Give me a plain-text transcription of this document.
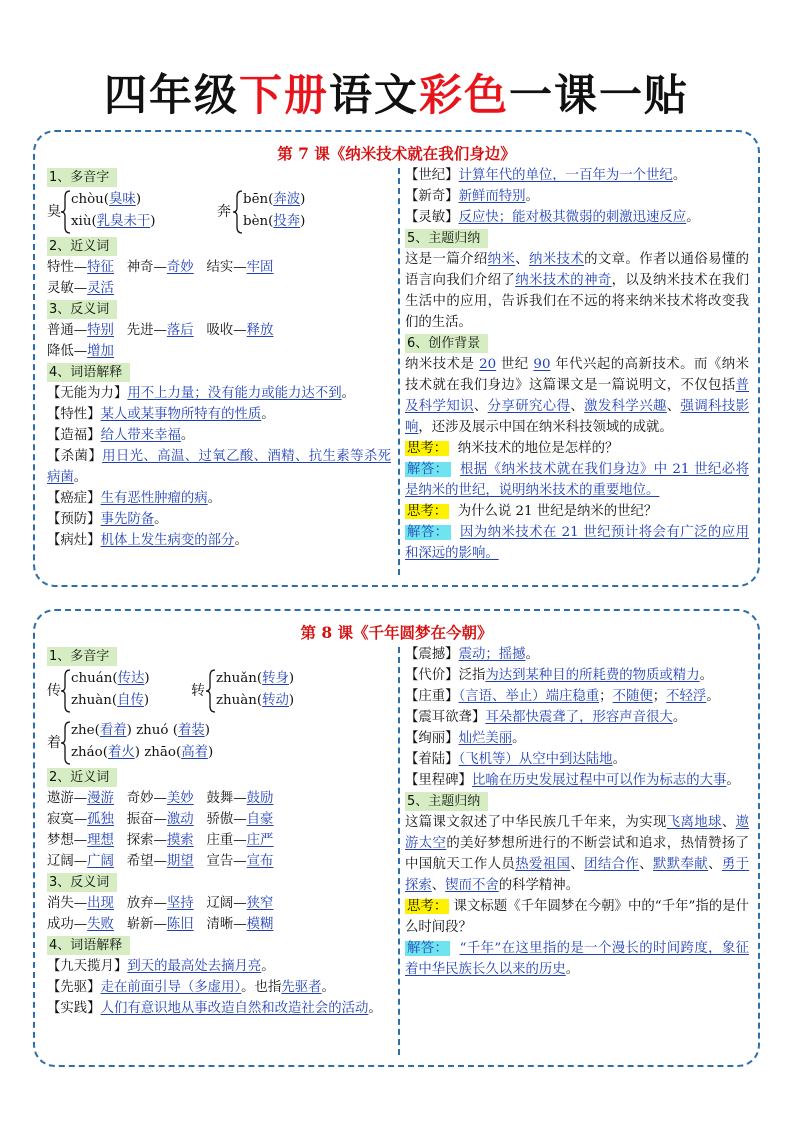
四年级下册语文彩色一课一贴
第 7 课《纳米技术就在我们身边》
1、多音字
臭
chòu(臭味)
xiù(乳臭未干)
奔
bēn(奔波)
bèn(投奔)
2、近义词
特性—特征 神奇—奇妙 结实—牢固
灵敏—灵活
3、反义词
普通—特别 先进—落后 吸收—释放
降低—增加
4、词语解释
【无能为力】用不上力量；没有能力或能力达不到。
【特性】某人或某事物所特有的性质。
【造福】给人带来幸福。
【杀菌】用日光、高温、过氧乙酸、酒精、抗生素等杀死病菌。
【癌症】生有恶性肿瘤的病。
【预防】事先防备。
【病灶】机体上发生病变的部分。
【世纪】计算年代的单位，一百年为一个世纪。
【新奇】新鲜而特别。
【灵敏】反应快；能对极其微弱的刺激迅速反应。
5、主题归纳
这是一篇介绍纳米、纳米技术的文章。作者以通俗易懂的语言向我们介绍了纳米技术的神奇，以及纳米技术在我们生活中的应用，告诉我们在不远的将来纳米技术将改变我们的生活。
6、创作背景
纳米技术是 20 世纪 90 年代兴起的高新技术。而《纳米技术就在我们身边》这篇课文是一篇说明文，不仅包括普及科学知识、分享研究心得、激发科学兴趣、强调科技影响，还涉及展示中国在纳米科技领域的成就。
思考： 纳米技术的地位是怎样的？
解答： 根据《纳米技术就在我们身边》中 21 世纪必将是纳米的世纪，说明纳米技术的重要地位。
思考： 为什么说 21 世纪是纳米的世纪？
解答： 因为纳米技术在 21 世纪预计将会有广泛的应用和深远的影响。
第 8 课《千年圆梦在今朝》
1、多音字
传
chuán(传达)
zhuàn(自传)
转
zhuǎn(转身)
zhuàn(转动)
着
zhe(看着) zhuó (着装)
zháo(着火) zhāo(高着)
2、近义词
遨游—漫游 奇妙—美妙 鼓舞—鼓励
寂寞—孤独 振奋—激动 骄傲—自豪
梦想—理想 探索—摸索 庄重—庄严
辽阔—广阔 希望—期望 宣告—宣布
3、反义词
消失—出现 放弃—坚持 辽阔—狭窄
成功—失败 崭新—陈旧 清晰—模糊
4、词语解释
【九天揽月】到天的最高处去摘月亮。
【先驱】走在前面引导（多虚用）。也指先驱者。
【实践】人们有意识地从事改造自然和改造社会的活动。
【震撼】震动；摇撼。
【代价】泛指为达到某种目的所耗费的物质或精力。
【庄重】（言语、举止）端庄稳重；不随便；不轻浮。
【震耳欲聋】耳朵都快震聋了，形容声音很大。
【绚丽】灿烂美丽。
【着陆】（飞机等）从空中到达陆地。
【里程碑】比喻在历史发展过程中可以作为标志的大事。
5、主题归纳
这篇课文叙述了中华民族几千年来，为实现飞离地球、遨游太空的美好梦想所进行的不断尝试和追求，热情赞扬了中国航天工作人员热爱祖国、团结合作、默默奉献、勇于探索、锲而不舍的科学精神。
思考： 课文标题《千年圆梦在今朝》中的“千年”指的是什么时间段？
解答： “千年”在这里指的是一个漫长的时间跨度，象征着中华民族长久以来的历史。
